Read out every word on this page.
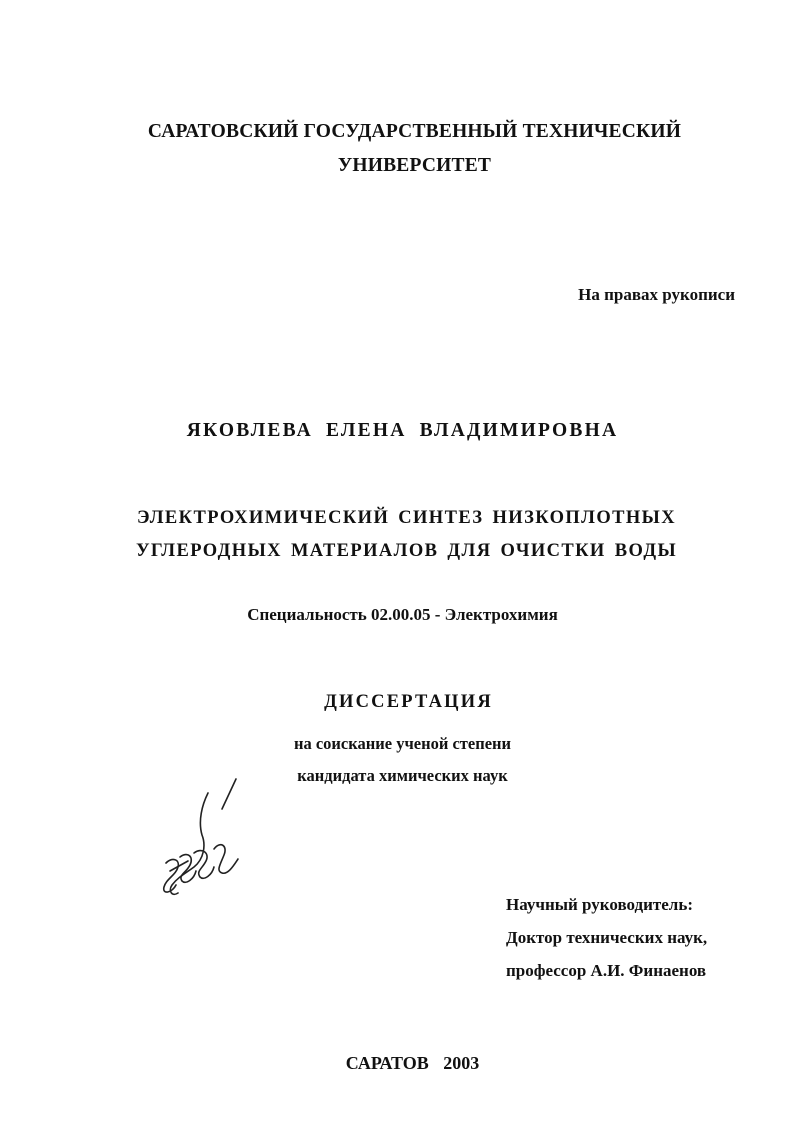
САРАТОВСКИЙ ГОСУДАРСТВЕННЫЙ ТЕХНИЧЕСКИЙ
УНИВЕРСИТЕТ
На правах рукописи
ЯКОВЛЕВА ЕЛЕНА ВЛАДИМИРОВНА
ЭЛЕКТРОХИМИЧЕСКИЙ СИНТЕЗ НИЗКОПЛОТНЫХ
УГЛЕРОДНЫХ МАТЕРИАЛОВ ДЛЯ ОЧИСТКИ ВОДЫ
Специальность 02.00.05 - Электрохимия
ДИССЕРТАЦИЯ
на соискание ученой степени
кандидата химических наук
Научный руководитель:
Доктор технических наук,
профессор А.И. Финаенов
САРАТОВ 2003
